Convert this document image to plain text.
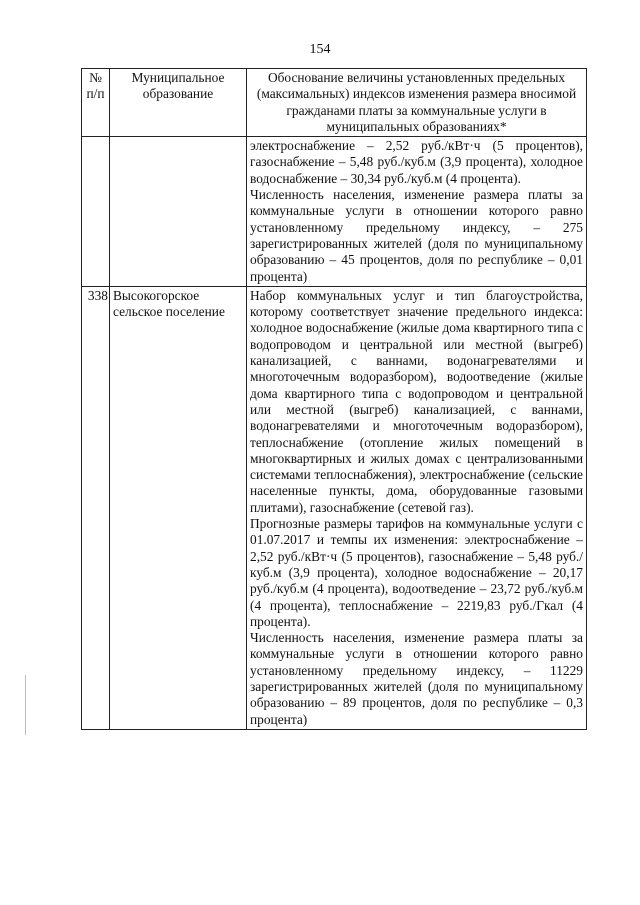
154
№ п/п	Муниципальное образование	Обоснование величины установленных предельных (максимальных) индексов изменения размера вносимой гражданами платы за коммунальные услуги в муниципальных образованиях*

		электроснабжение – 2,52 руб./кВт·ч (5 процентов), газоснабжение – 5,48 руб./куб.м (3,9 процента), холодное водоснабжение – 30,34 руб./куб.м (4 процента).
Численность населения, изменение размера платы за коммунальные услуги в отношении которого равно установленному предельному индексу, – 275 зарегистрированных жителей (доля по муниципальному образованию – 45 процентов, доля по республике – 0,01 процента)

338	Высокогорское сельское поселение	Набор коммунальных услуг и тип благоустройства, которому соответствует значение предельного индекса: холодное водоснабжение (жилые дома квартирного типа с водопроводом и центральной или местной (выгреб) канализацией, с ваннами, водонагревателями и многоточечным водоразбором), водоотведение (жилые дома квартирного типа с водопроводом и центральной или местной (выгреб) канализацией, с ваннами, водонагревателями и многоточечным водоразбором), теплоснабжение (отопление жилых помещений в многоквартирных и жилых домах с централизованными системами теплоснабжения), электроснабжение (сельские населенные пункты, дома, оборудованные газовыми плитами), газоснабжение (сетевой газ).
Прогнозные размеры тарифов на коммунальные услуги с 01.07.2017 и темпы их изменения: электроснабжение – 2,52 руб./кВт·ч (5 процентов), газоснабжение – 5,48 руб./куб.м (3,9 процента), холодное водоснабжение – 20,17 руб./куб.м (4 процента), водоотведение – 23,72 руб./куб.м (4 процента), теплоснабжение – 2219,83 руб./Гкал (4 процента).
Численность населения, изменение размера платы за коммунальные услуги в отношении которого равно установленному предельному индексу, – 11229 зарегистрированных жителей (доля по муниципальному образованию – 89 процентов, доля по республике – 0,3 процента)
